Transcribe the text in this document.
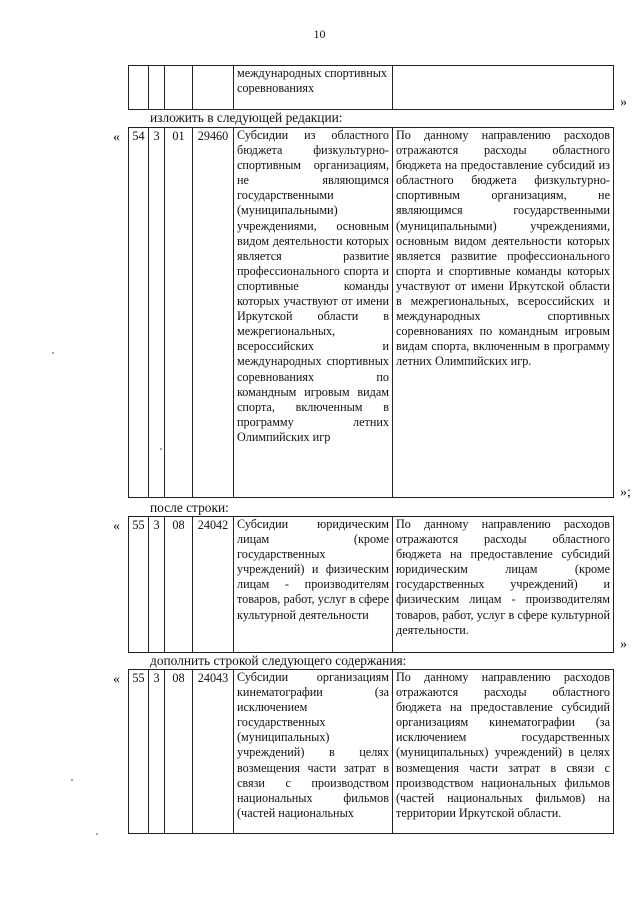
10
				международных спортивных соревнованиях	
»
изложить в следующей редакции:
« 54	3	01	29460	Субсидии из областного бюджета физкультурно-спортивным организациям, не являющимся государственными (муниципальными) учреждениями, основным видом деятельности которых является развитие профессионального спорта и спортивные команды которых участвуют от имени Иркутской области в межрегиональных, всероссийских и международных спортивных соревнованиях по командным игровым видам спорта, включенным в программу летних Олимпийских игр	По данному направлению расходов отражаются расходы областного бюджета на предоставление субсидий из областного бюджета физкультурно-спортивным организациям, не являющимся государственными (муниципальными) учреждениями, основным видом деятельности которых является развитие профессионального спорта и спортивные команды которых участвуют от имени Иркутской области в межрегиональных, всероссийских и международных спортивных соревнованиях по командным игровым видам спорта, включенным в программу летних Олимпийских игр.
»;
после строки:
« 55	3	08	24042	Субсидии юридическим лицам (кроме государственных учреждений) и физическим лицам - производителям товаров, работ, услуг в сфере культурной деятельности	По данному направлению расходов отражаются расходы областного бюджета на предоставление субсидий юридическим лицам (кроме государственных учреждений) и физическим лицам - производителям товаров, работ, услуг в сфере культурной деятельности.
»
дополнить строкой следующего содержания:
« 55	3	08	24043	Субсидии организациям кинематографии (за исключением государственных (муниципальных) учреждений) в целях возмещения части затрат в связи с производством национальных фильмов (частей национальных	По данному направлению расходов отражаются расходы областного бюджета на предоставление субсидий организациям кинематографии (за исключением государственных (муниципальных) учреждений) в целях возмещения части затрат в связи с производством национальных фильмов (частей национальных фильмов) на территории Иркутской области.
